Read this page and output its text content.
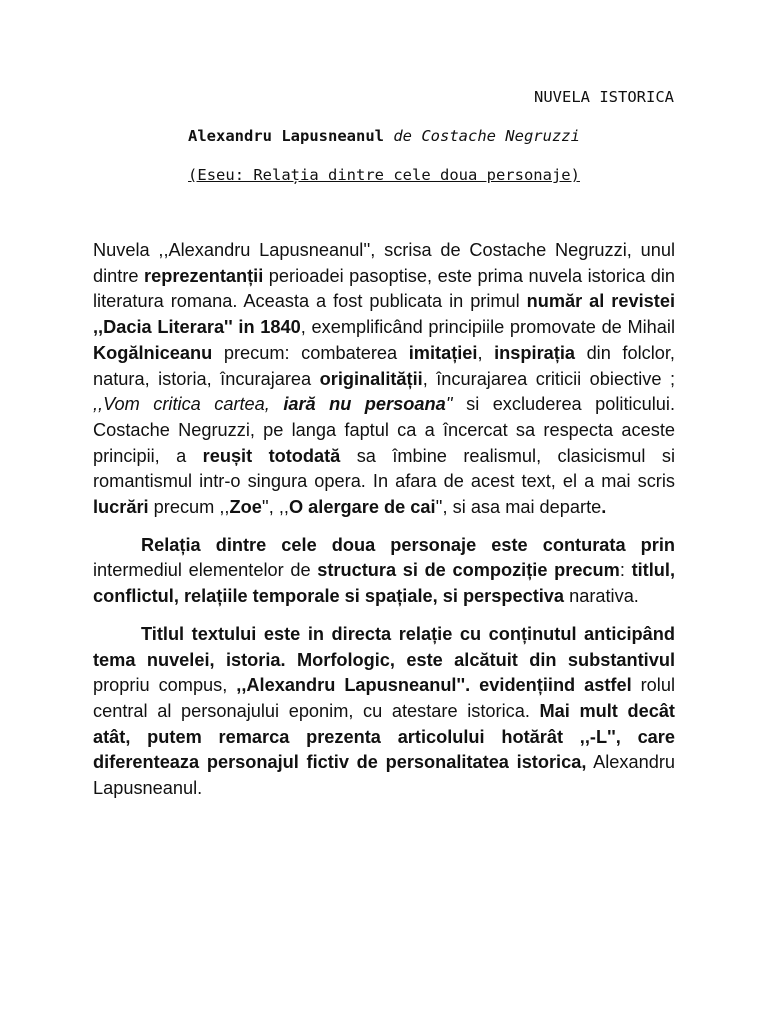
NUVELA ISTORICA
Alexandru Lapusneanul de Costache Negruzzi
(Eseu: Relația dintre cele doua personaje)

Nuvela ,,Alexandru Lapusneanul'', scrisa de Costache Negruzzi, unul dintre reprezentanții perioadei pasoptise, este prima nuvela istorica din literatura romana. Aceasta a fost publicata in primul număr al revistei ,,Dacia Literara'' in 1840, exemplificând principiile promovate de Mihail Kogălniceanu precum: combaterea imitației, inspirația din folclor, natura, istoria, încurajarea originalității, încurajarea criticii obiective ; ,,Vom critica cartea, iară nu persoana'' si excluderea politicului. Costache Negruzzi, pe langa faptul ca a încercat sa respecta aceste principii, a reușit totodată sa îmbine realismul, clasicismul si romantismul intr-o singura opera. In afara de acest text, el a mai scris lucrări precum ,,Zoe'', ,,O alergare de cai'', si asa mai departe.

Relația dintre cele doua personaje este conturata prin intermediul elementelor de structura si de compoziție precum: titlul, conflictul, relațiile temporale si spațiale, si perspectiva narativa.

Titlul textului este in directa relație cu conținutul anticipând tema nuvelei, istoria. Morfologic, este alcătuit din substantivul propriu compus, ,,Alexandru Lapusneanul''. evidențiind astfel rolul central al personajului eponim, cu atestare istorica. Mai mult decât atât, putem remarca prezenta articolului hotărât ,,-L'', care diferenteaza personajul fictiv de personalitatea istorica, Alexandru Lapusneanul.
